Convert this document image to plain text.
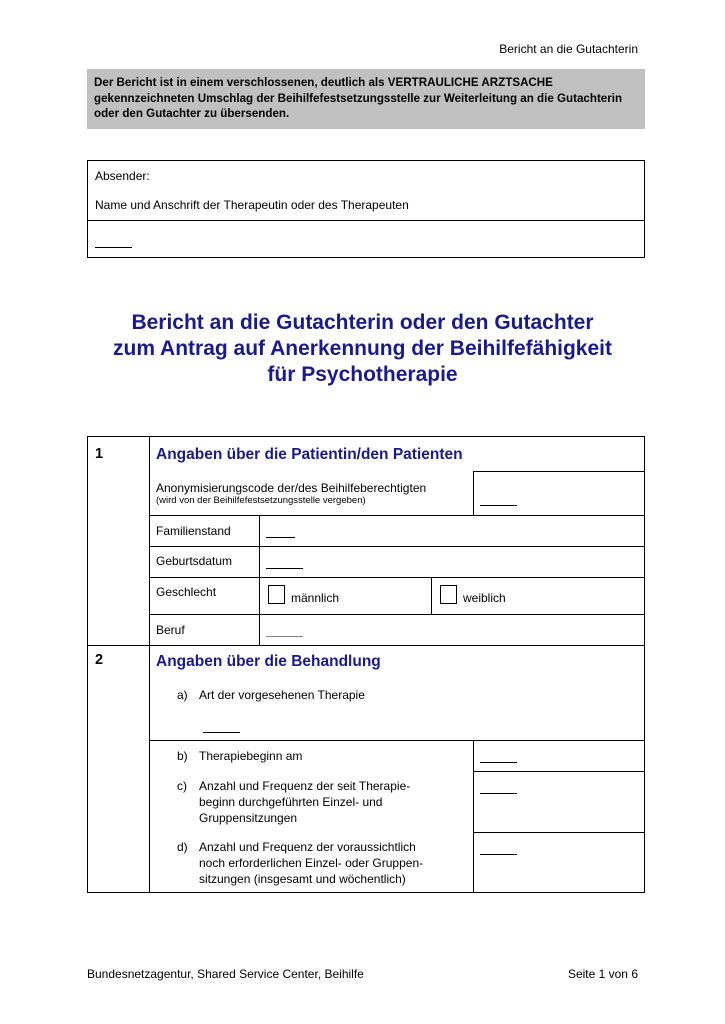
Bericht an die Gutachterin
Der Bericht ist in einem verschlossenen, deutlich als VERTRAULICHE ARZTSACHE gekennzeichneten Umschlag der Beihilfefestsetzungsstelle zur Weiterleitung an die Gutachterin oder den Gutachter zu übersenden.
Absender:
Name und Anschrift der Therapeutin oder des Therapeuten
Bericht an die Gutachterin oder den Gutachter
zum Antrag auf Anerkennung der Beihilfefähigkeit
für Psychotherapie
1	Angaben über die Patientin/den Patienten
Anonymisierungscode der/des Beihilfeberechtigten
(wird von der Beihilfefestsetzungsstelle vergeben)
Familienstand
Geburtsdatum
Geschlecht	männlich	weiblich
Beruf
2	Angaben über die Behandlung
a) Art der vorgesehenen Therapie
b) Therapiebeginn am
c) Anzahl und Frequenz der seit Therapie-
beginn durchgeführten Einzel- und
Gruppensitzungen
d) Anzahl und Frequenz der voraussichtlich
noch erforderlichen Einzel- oder Gruppen-
sitzungen (insgesamt und wöchentlich)
Bundesnetzagentur, Shared Service Center, Beihilfe	Seite 1 von 6
